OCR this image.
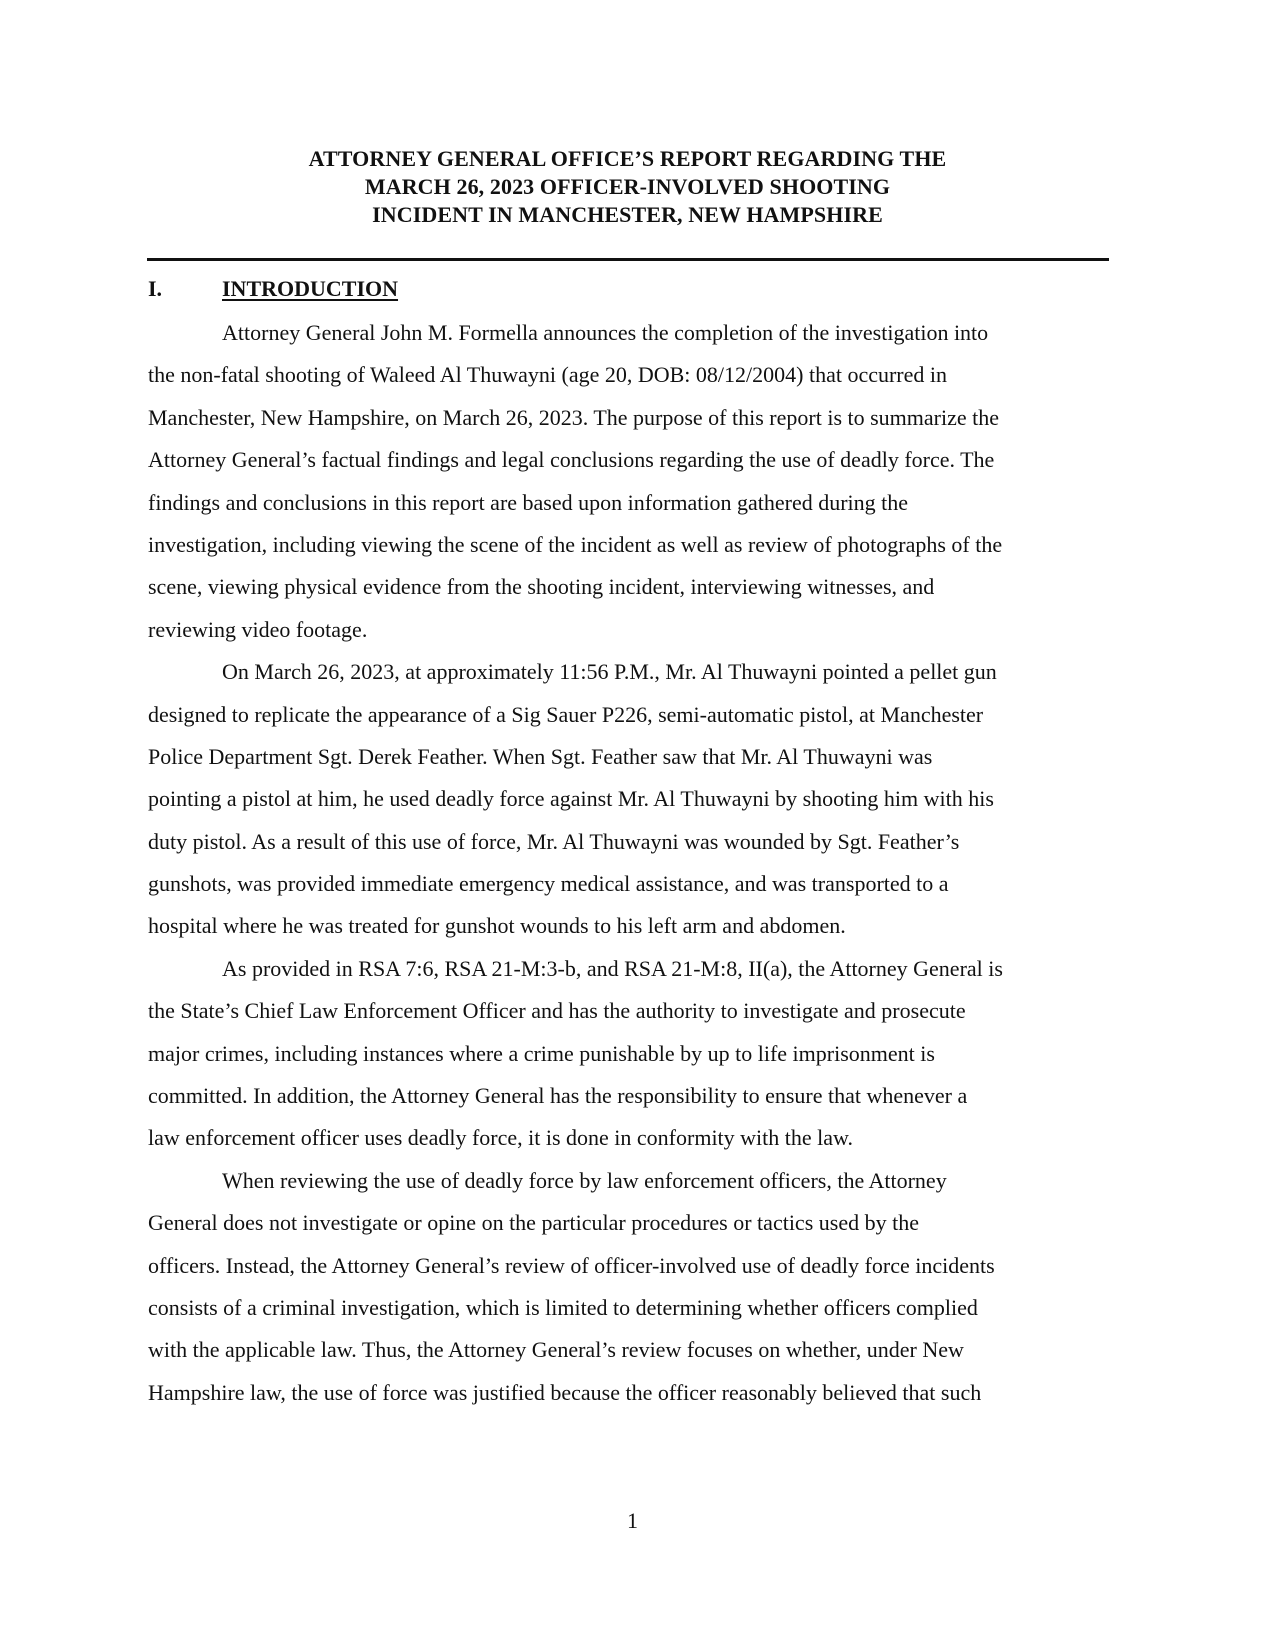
ATTORNEY GENERAL OFFICE’S REPORT REGARDING THE
MARCH 26, 2023 OFFICER-INVOLVED SHOOTING
INCIDENT IN MANCHESTER, NEW HAMPSHIRE
I.	INTRODUCTION
Attorney General John M. Formella announces the completion of the investigation into
the non-fatal shooting of Waleed Al Thuwayni (age 20, DOB: 08/12/2004) that occurred in
Manchester, New Hampshire, on March 26, 2023. The purpose of this report is to summarize the
Attorney General’s factual findings and legal conclusions regarding the use of deadly force. The
findings and conclusions in this report are based upon information gathered during the
investigation, including viewing the scene of the incident as well as review of photographs of the
scene, viewing physical evidence from the shooting incident, interviewing witnesses, and
reviewing video footage.
On March 26, 2023, at approximately 11:56 P.M., Mr. Al Thuwayni pointed a pellet gun
designed to replicate the appearance of a Sig Sauer P226, semi-automatic pistol, at Manchester
Police Department Sgt. Derek Feather. When Sgt. Feather saw that Mr. Al Thuwayni was
pointing a pistol at him, he used deadly force against Mr. Al Thuwayni by shooting him with his
duty pistol. As a result of this use of force, Mr. Al Thuwayni was wounded by Sgt. Feather’s
gunshots, was provided immediate emergency medical assistance, and was transported to a
hospital where he was treated for gunshot wounds to his left arm and abdomen.
As provided in RSA 7:6, RSA 21-M:3-b, and RSA 21-M:8, II(a), the Attorney General is
the State’s Chief Law Enforcement Officer and has the authority to investigate and prosecute
major crimes, including instances where a crime punishable by up to life imprisonment is
committed. In addition, the Attorney General has the responsibility to ensure that whenever a
law enforcement officer uses deadly force, it is done in conformity with the law.
When reviewing the use of deadly force by law enforcement officers, the Attorney
General does not investigate or opine on the particular procedures or tactics used by the
officers. Instead, the Attorney General’s review of officer-involved use of deadly force incidents
consists of a criminal investigation, which is limited to determining whether officers complied
with the applicable law. Thus, the Attorney General’s review focuses on whether, under New
Hampshire law, the use of force was justified because the officer reasonably believed that such
1
